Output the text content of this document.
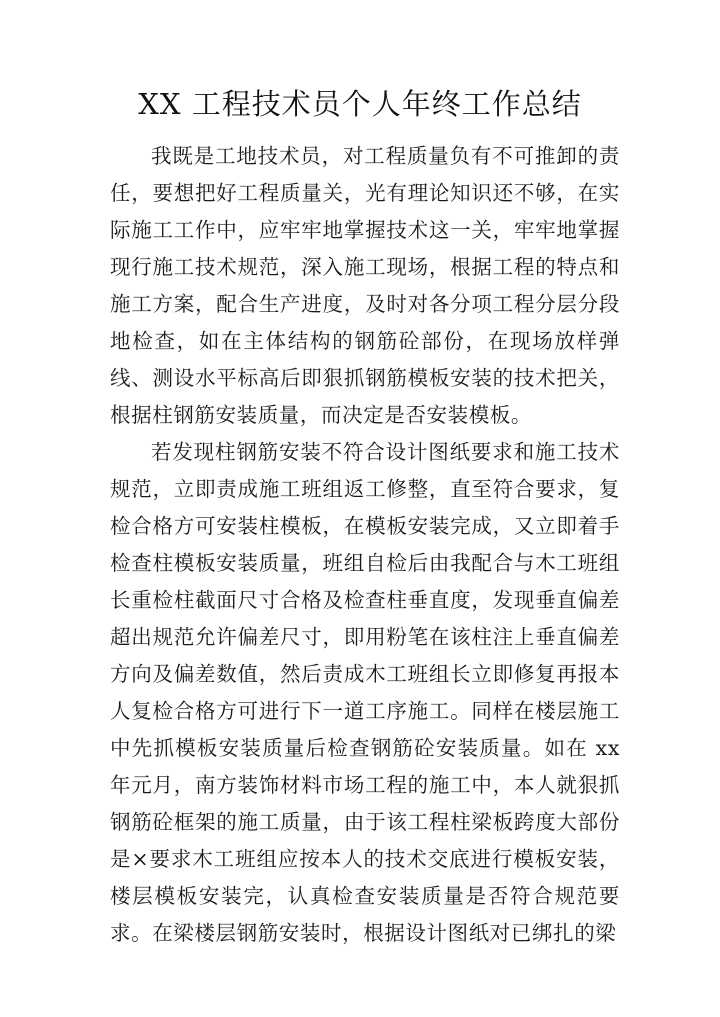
XX 工程技术员个人年终工作总结

我既是工地技术员，对工程质量负有不可推卸的责任，要想把好工程质量关，光有理论知识还不够，在实际施工工作中，应牢牢地掌握技术这一关，牢牢地掌握现行施工技术规范，深入施工现场，根据工程的特点和施工方案，配合生产进度，及时对各分项工程分层分段地检查，如在主体结构的钢筋砼部份，在现场放样弹线、测设水平标高后即狠抓钢筋模板安装的技术把关，根据柱钢筋安装质量，而决定是否安装模板。

若发现柱钢筋安装不符合设计图纸要求和施工技术规范，立即责成施工班组返工修整，直至符合要求，复检合格方可安装柱模板，在模板安装完成，又立即着手检查柱模板安装质量，班组自检后由我配合与木工班组长重检柱截面尺寸合格及检查柱垂直度，发现垂直偏差超出规范允许偏差尺寸，即用粉笔在该柱注上垂直偏差方向及偏差数值，然后责成木工班组长立即修复再报本人复检合格方可进行下一道工序施工。同样在楼层施工中先抓模板安装质量后检查钢筋砼安装质量。如在 xx 年元月，南方装饰材料市场工程的施工中，本人就狠抓钢筋砼框架的施工质量，由于该工程柱梁板跨度大部份是×要求木工班组应按本人的技术交底进行模板安装，楼层模板安装完，认真检查安装质量是否符合规范要求。在梁楼层钢筋安装时，根据设计图纸对已绑扎的梁
